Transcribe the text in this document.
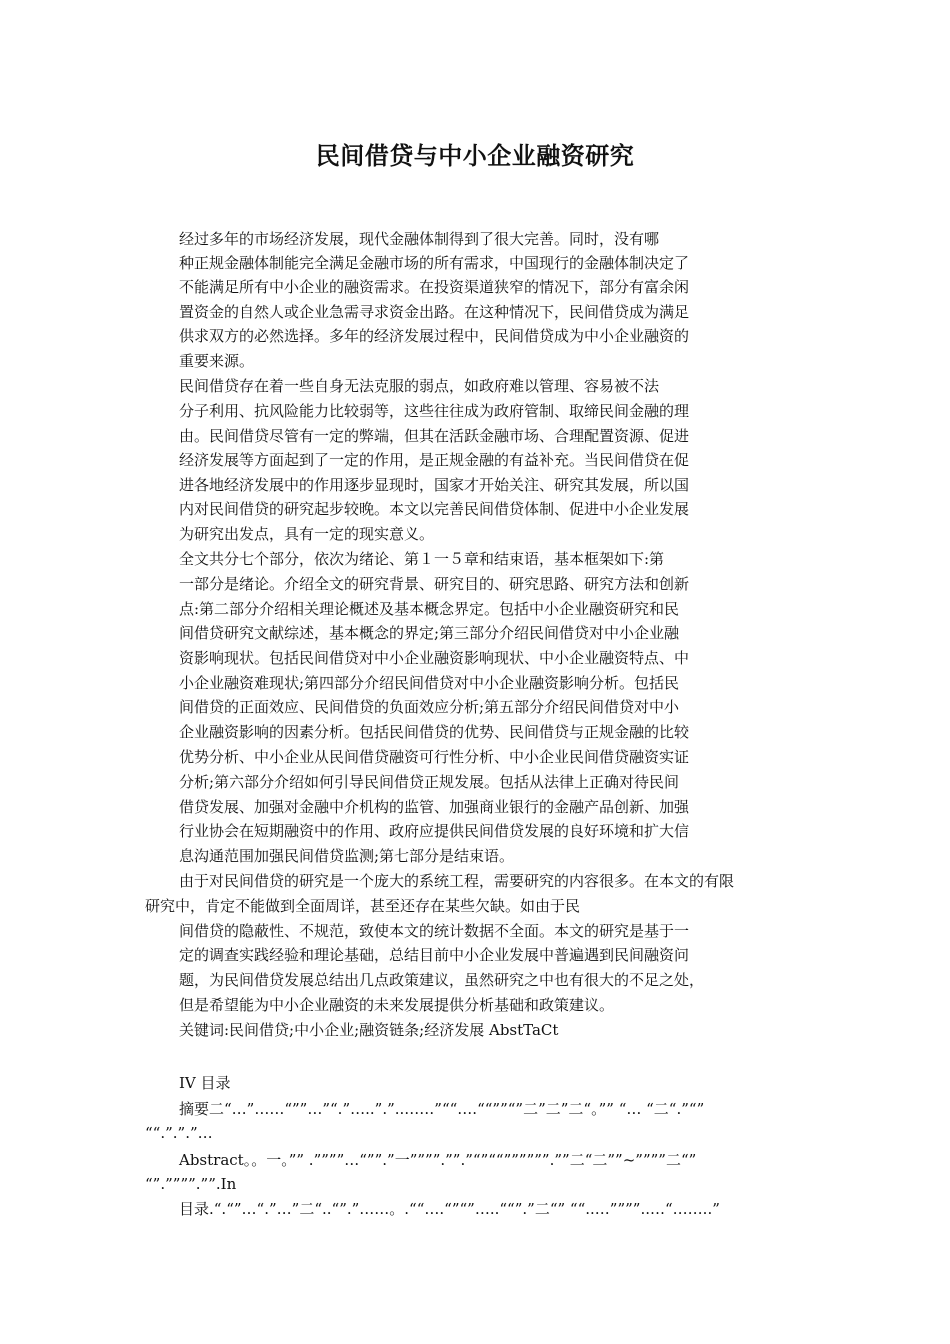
民间借贷与中小企业融资研究
经过多年的市场经济发展，现代金融体制得到了很大完善。同时，没有哪
种正规金融体制能完全满足金融市场的所有需求，中国现行的金融体制决定了
不能满足所有中小企业的融资需求。在投资渠道狭窄的情况下，部分有富余闲
置资金的自然人或企业急需寻求资金出路。在这种情况下，民间借贷成为满足
供求双方的必然选择。多年的经济发展过程中，民间借贷成为中小企业融资的
重要来源。
民间借贷存在着一些自身无法克服的弱点，如政府难以管理、容易被不法
分子利用、抗风险能力比较弱等，这些往往成为政府管制、取缔民间金融的理
由。民间借贷尽管有一定的弊端，但其在活跃金融市场、合理配置资源、促进
经济发展等方面起到了一定的作用，是正规金融的有益补充。当民间借贷在促
进各地经济发展中的作用逐步显现时，国家才开始关注、研究其发展，所以国
内对民间借贷的研究起步较晚。本文以完善民间借贷体制、促进中小企业发展
为研究出发点，具有一定的现实意义。
全文共分七个部分，依次为绪论、第１一５章和结束语，基本框架如下:第
一部分是绪论。介绍全文的研究背景、研究目的、研究思路、研究方法和创新
点:第二部分介绍相关理论概述及基本概念界定。包括中小企业融资研究和民
间借贷研究文献综述，基本概念的界定;第三部分介绍民间借贷对中小企业融
资影响现状。包括民间借贷对中小企业融资影响现状、中小企业融资特点、中
小企业融资难现状;第四部分介绍民间借贷对中小企业融资影响分析。包括民
间借贷的正面效应、民间借贷的负面效应分析;第五部分介绍民间借贷对中小
企业融资影响的因素分析。包括民间借贷的优势、民间借贷与正规金融的比较
优势分析、中小企业从民间借贷融资可行性分析、中小企业民间借贷融资实证
分析;第六部分介绍如何引导民间借贷正规发展。包括从法律上正确对待民间
借贷发展、加强对金融中介机构的监管、加强商业银行的金融产品创新、加强
行业协会在短期融资中的作用、政府应提供民间借贷发展的良好环境和扩大信
息沟通范围加强民间借贷监测;第七部分是结束语。
由于对民间借贷的研究是一个庞大的系统工程，需要研究的内容很多。在本文的有限
研究中，肯定不能做到全面周详，甚至还存在某些欠缺。如由于民
间借贷的隐蔽性、不规范，致使本文的统计数据不全面。本文的研究是基于一
定的调查实践经验和理论基础，总结目前中小企业发展中普遍遇到民间融资问
题，为民间借贷发展总结出几点政策建议，虽然研究之中也有很大的不足之处，
但是希望能为中小企业融资的未来发展提供分析基础和政策建议。
关键词:民间借贷;中小企业;融资链条;经济发展 AbstTaCt
IV 目录
摘要二“…”……“””…”“.”…..”.”..……”““….““””“”二”二”二“。”” “… “二“.”“”
““.”.”.”…
Abstract。。一。”” .””””…“””.”一””””.””.”“”““””””””.””二“二””~””””二“”
“”.””””.””.In
目录.“.“”…“.”…”二“..“”.”……。.““….“”“”…..““”.”二“” ““..…””””..…“……..”
